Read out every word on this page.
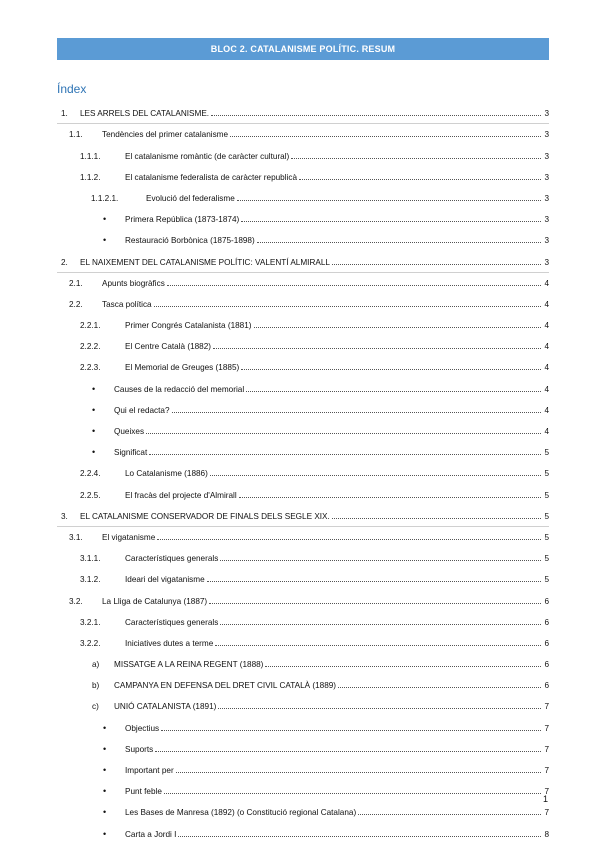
BLOC 2. CATALANISME POLÍTIC. RESUM
Índex
1.	LES ARRELS DEL CATALANISME.	3
1.1.	Tendències del primer catalanisme	3
1.1.1.	El catalanisme romàntic (de caràcter cultural)	3
1.1.2.	El catalanisme federalista de caràcter republicà	3
1.1.2.1.	Evolució del federalisme	3
•	Primera República (1873-1874)	3
•	Restauració Borbònica (1875-1898)	3
2.	EL NAIXEMENT DEL CATALANISME POLÍTIC: VALENTÍ ALMIRALL	3
2.1.	Apunts biogràfics	4
2.2.	Tasca política	4
2.2.1.	Primer Congrés Catalanista (1881)	4
2.2.2.	El Centre Català (1882)	4
2.2.3.	El Memorial de Greuges (1885)	4
•	Causes de la redacció del memorial	4
•	Qui el redacta?	4
•	Queixes	4
•	Significat	5
2.2.4.	Lo Catalanisme (1886)	5
2.2.5.	El fracàs del projecte d'Almirall	5
3.	EL CATALANISME CONSERVADOR DE FINALS DELS SEGLE XIX.	5
3.1.	El vigatanisme	5
3.1.1.	Característiques generals	5
3.1.2.	Ideari del vigatanisme	5
3.2.	La Lliga de Catalunya (1887)	6
3.2.1.	Característiques generals	6
3.2.2.	Iniciatives dutes a terme	6
a)	MISSATGE A LA REINA REGENT (1888)	6
b)	CAMPANYA EN DEFENSA DEL DRET CIVIL CATALÀ (1889)	6
c)	UNIÓ CATALANISTA (1891)	7
•	Objectius	7
•	Suports	7
•	Important per	7
•	Punt feble	7
•	Les Bases de Manresa (1892) (o Constitució regional Catalana)	7
•	Carta a Jordi I	8
1
